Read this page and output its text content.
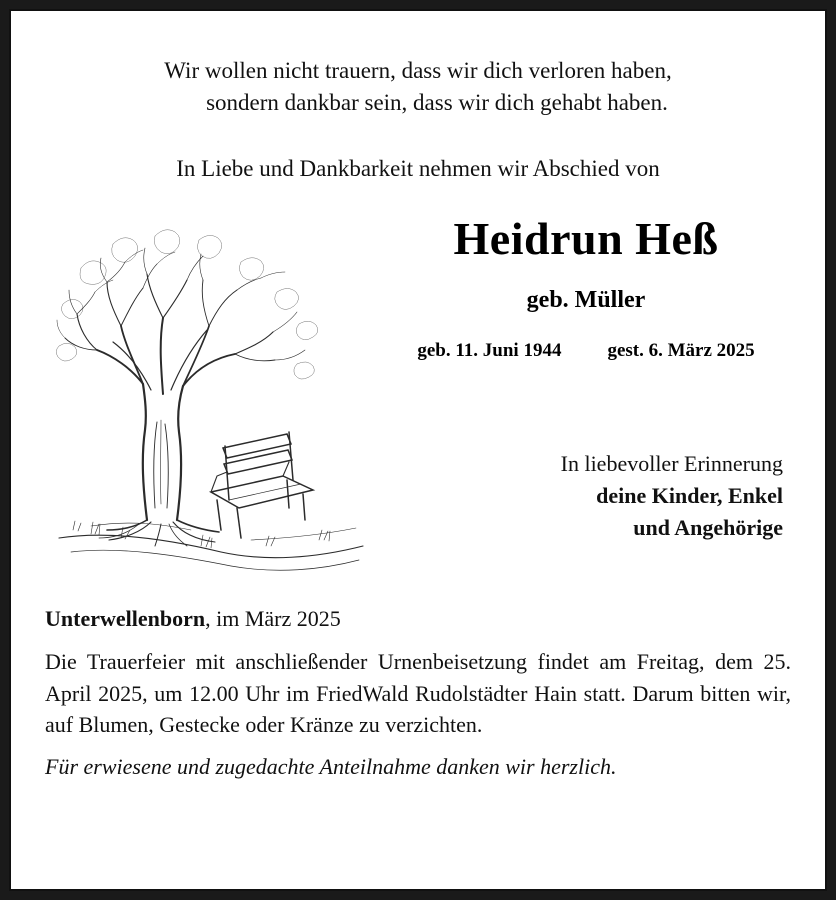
Wir wollen nicht trauern, dass wir dich verloren haben,
sondern dankbar sein, dass wir dich gehabt haben.
In Liebe und Dankbarkeit nehmen wir Abschied von
Heidrun Heß
geb. Müller
geb. 11. Juni 1944 gest. 6. März 2025
In liebevoller Erinnerung
deine Kinder, Enkel
und Angehörige
Unterwellenborn, im März 2025
Die Trauerfeier mit anschließender Urnenbeisetzung findet am Freitag, dem 25. April 2025, um 12.00 Uhr im FriedWald Rudolstädter Hain statt. Darum bitten wir, auf Blumen, Gestecke oder Kränze zu verzichten.
Für erwiesene und zugedachte Anteilnahme danken wir herzlich.
